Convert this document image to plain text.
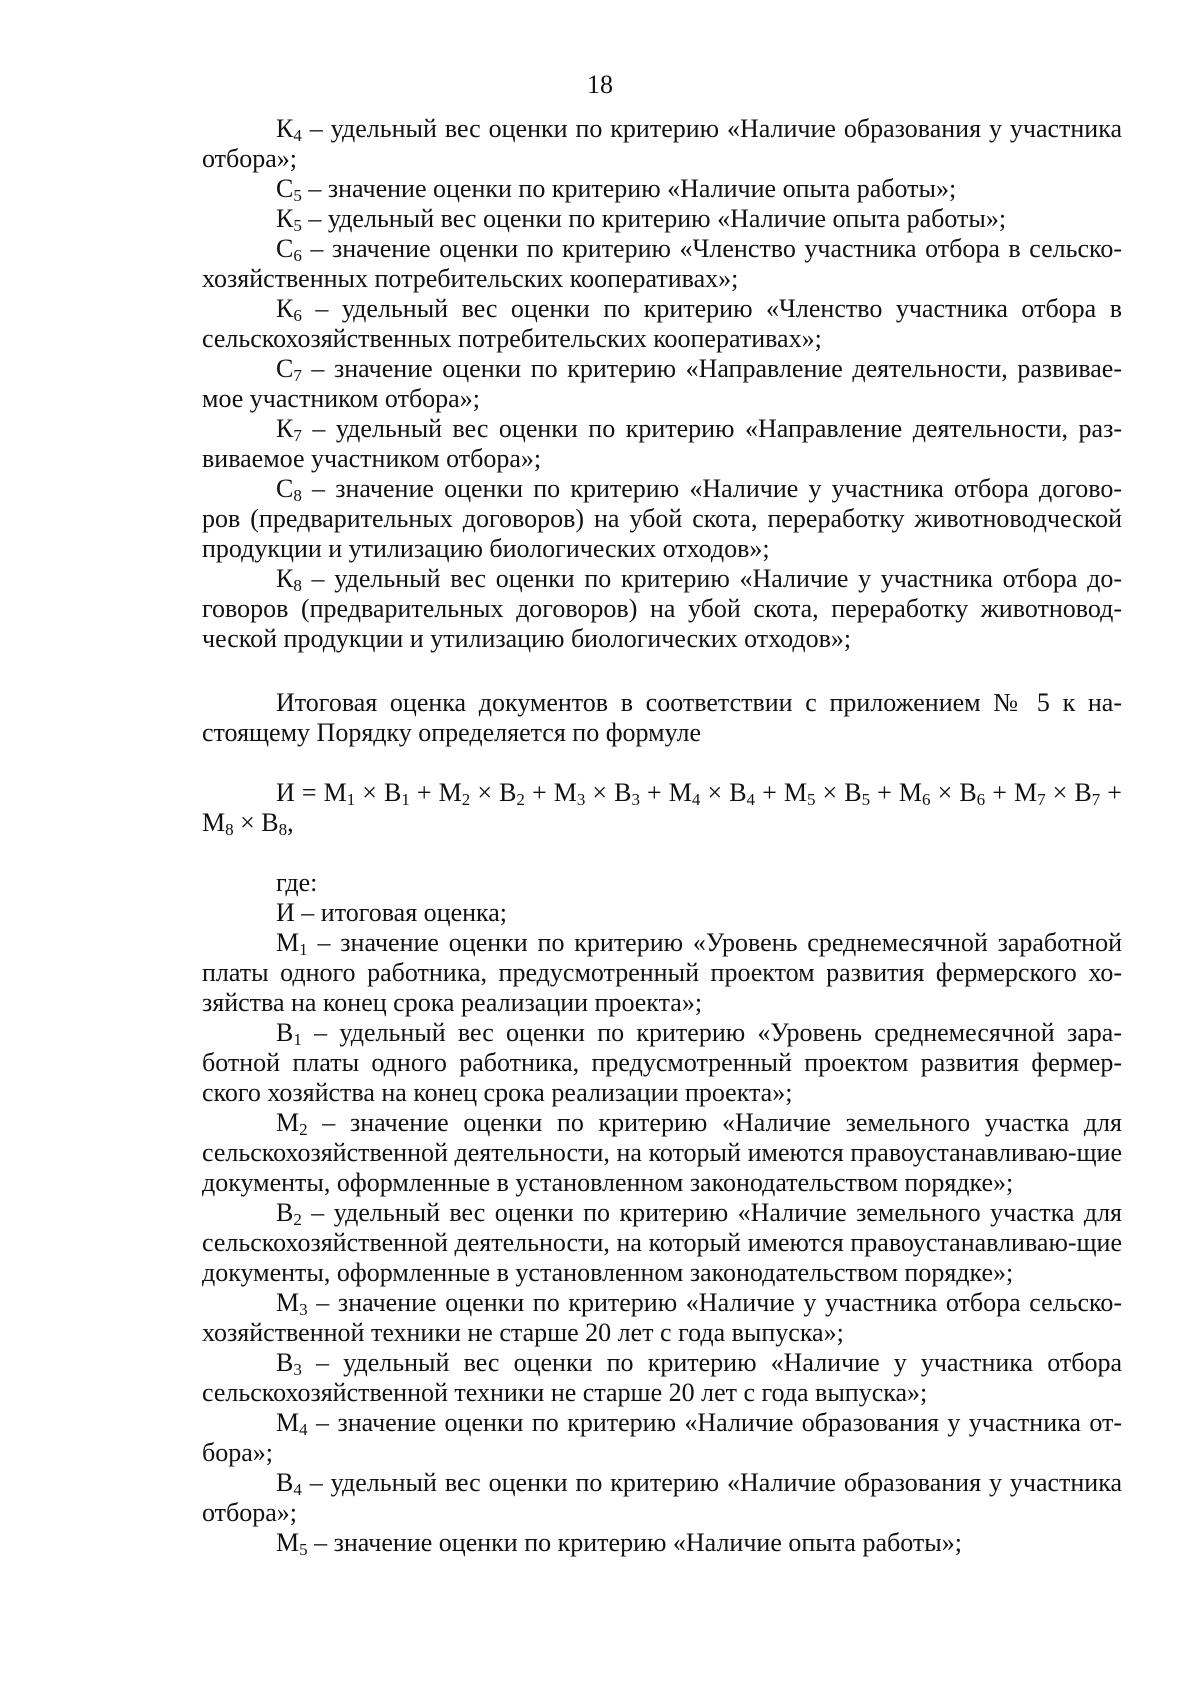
18

$К_4$ – удельный вес оценки по критерию «Наличие образования у участника отбора»;

$С_5$ – значение оценки по критерию «Наличие опыта работы»;

$К_5$ – удельный вес оценки по критерию «Наличие опыта работы»;

$С_6$ – значение оценки по критерию «Членство участника отбора в сельско-хозяйственных потребительских кооперативах»;

$К_6$ – удельный вес оценки по критерию «Членство участника отбора в сельскохозяйственных потребительских кооперативах»;

$С_7$ – значение оценки по критерию «Направление деятельности, развивае-мое участником отбора»;

$К_7$ – удельный вес оценки по критерию «Направление деятельности, раз-виваемое участником отбора»;

$С_8$ – значение оценки по критерию «Наличие у участника отбора догово-ров (предварительных договоров) на убой скота, переработку животноводческой продукции и утилизацию биологических отходов»;

$К_8$ – удельный вес оценки по критерию «Наличие у участника отбора до-говоров (предварительных договоров) на убой скота, переработку животновод-ческой продукции и утилизацию биологических отходов»;

Итоговая оценка документов в соответствии с приложением № 5 к на-стоящему Порядку определяется по формуле

$И = М_1 \times В_1 + М_2 \times В_2 + М_3 \times В_3 + М_4 \times В_4 + М_5 \times В_5 + М_6 \times В_6 + М_7 \times В_7 + М_8 \times В_8$,

где:

И – итоговая оценка;

$М_1$ – значение оценки по критерию «Уровень среднемесячной заработной платы одного работника, предусмотренный проектом развития фермерского хо-зяйства на конец срока реализации проекта»;

$В_1$ – удельный вес оценки по критерию «Уровень среднемесячной зара-ботной платы одного работника, предусмотренный проектом развития фермер-ского хозяйства на конец срока реализации проекта»;

$М_2$ – значение оценки по критерию «Наличие земельного участка для сельскохозяйственной деятельности, на который имеются правоустанавливаю-щие документы, оформленные в установленном законодательством порядке»;

$В_2$ – удельный вес оценки по критерию «Наличие земельного участка для сельскохозяйственной деятельности, на который имеются правоустанавливаю-щие документы, оформленные в установленном законодательством порядке»;

$М_3$ – значение оценки по критерию «Наличие у участника отбора сельско-хозяйственной техники не старше 20 лет с года выпуска»;

$В_3$ – удельный вес оценки по критерию «Наличие у участника отбора сельскохозяйственной техники не старше 20 лет с года выпуска»;

$М_4$ – значение оценки по критерию «Наличие образования у участника от-бора»;

$В_4$ – удельный вес оценки по критерию «Наличие образования у участника отбора»;

$М_5$ – значение оценки по критерию «Наличие опыта работы»;
